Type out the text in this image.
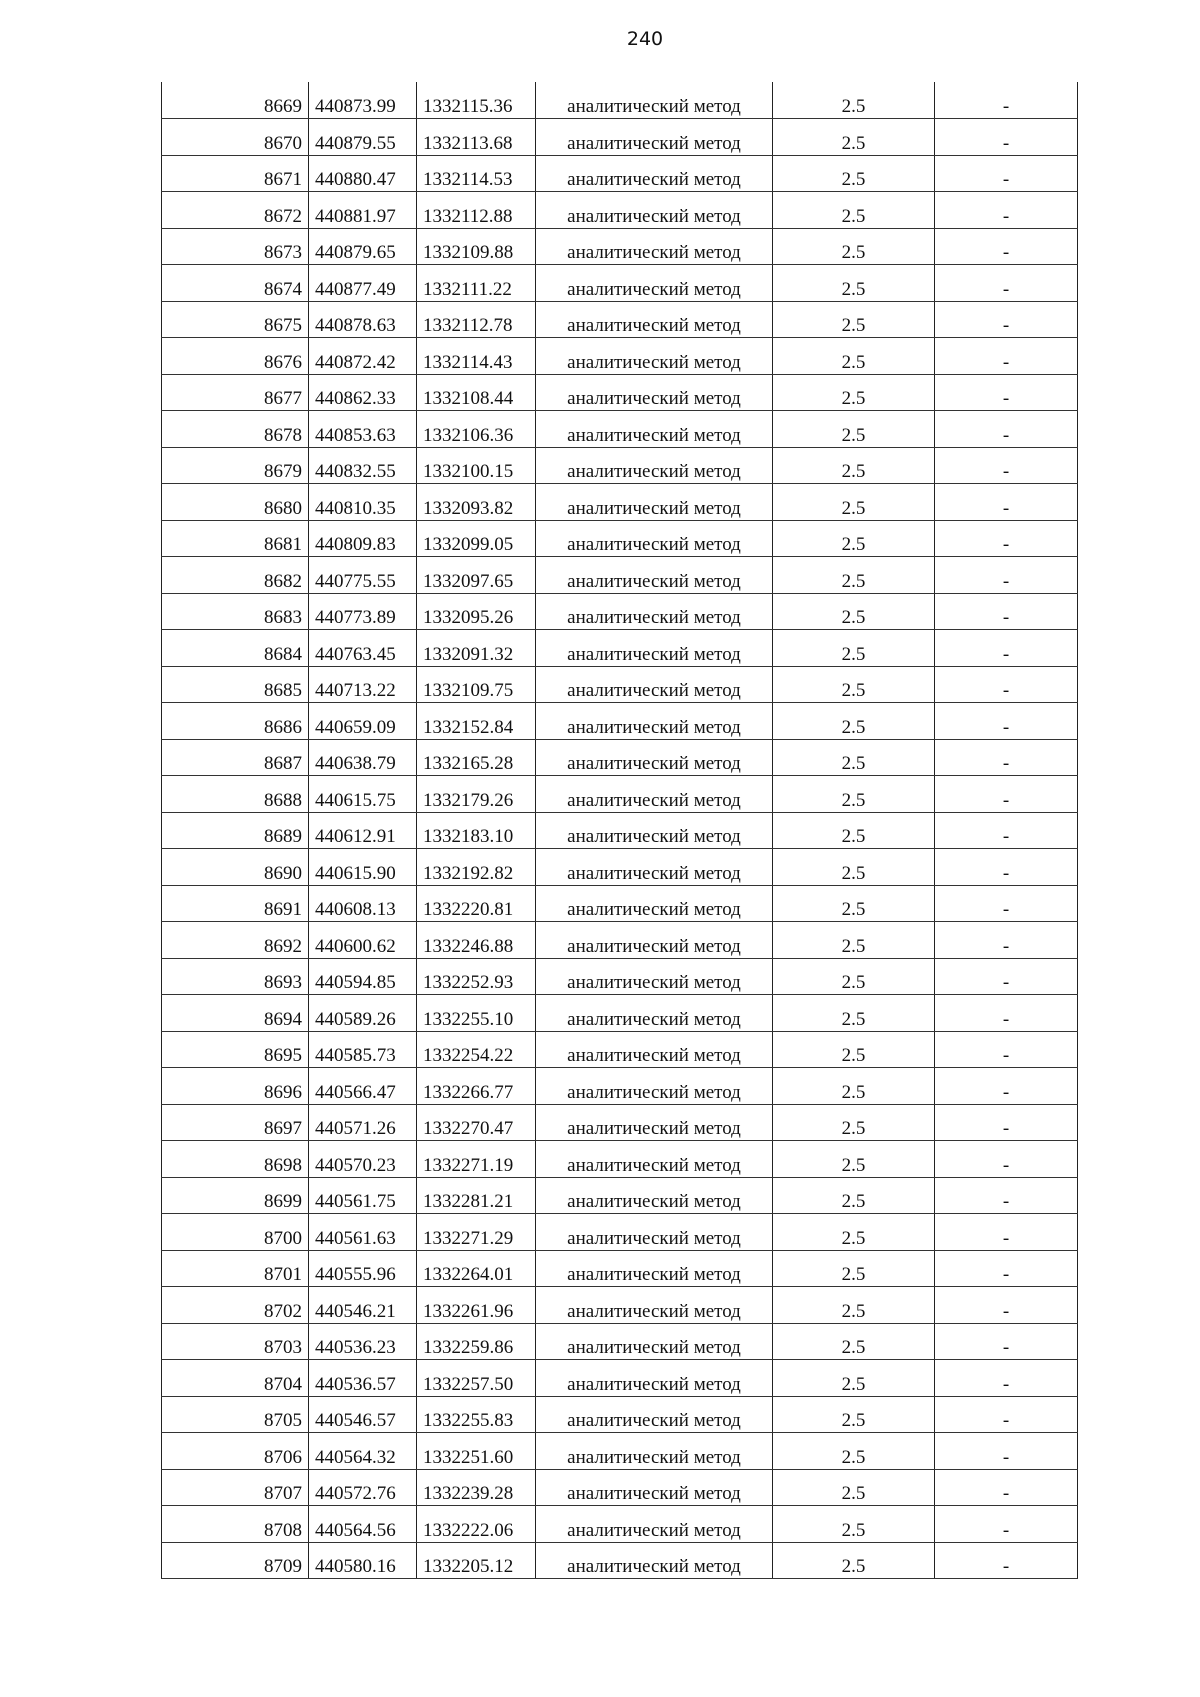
240
8669	440873.99	1332115.36	аналитический метод	2.5	-
8670	440879.55	1332113.68	аналитический метод	2.5	-
8671	440880.47	1332114.53	аналитический метод	2.5	-
8672	440881.97	1332112.88	аналитический метод	2.5	-
8673	440879.65	1332109.88	аналитический метод	2.5	-
8674	440877.49	1332111.22	аналитический метод	2.5	-
8675	440878.63	1332112.78	аналитический метод	2.5	-
8676	440872.42	1332114.43	аналитический метод	2.5	-
8677	440862.33	1332108.44	аналитический метод	2.5	-
8678	440853.63	1332106.36	аналитический метод	2.5	-
8679	440832.55	1332100.15	аналитический метод	2.5	-
8680	440810.35	1332093.82	аналитический метод	2.5	-
8681	440809.83	1332099.05	аналитический метод	2.5	-
8682	440775.55	1332097.65	аналитический метод	2.5	-
8683	440773.89	1332095.26	аналитический метод	2.5	-
8684	440763.45	1332091.32	аналитический метод	2.5	-
8685	440713.22	1332109.75	аналитический метод	2.5	-
8686	440659.09	1332152.84	аналитический метод	2.5	-
8687	440638.79	1332165.28	аналитический метод	2.5	-
8688	440615.75	1332179.26	аналитический метод	2.5	-
8689	440612.91	1332183.10	аналитический метод	2.5	-
8690	440615.90	1332192.82	аналитический метод	2.5	-
8691	440608.13	1332220.81	аналитический метод	2.5	-
8692	440600.62	1332246.88	аналитический метод	2.5	-
8693	440594.85	1332252.93	аналитический метод	2.5	-
8694	440589.26	1332255.10	аналитический метод	2.5	-
8695	440585.73	1332254.22	аналитический метод	2.5	-
8696	440566.47	1332266.77	аналитический метод	2.5	-
8697	440571.26	1332270.47	аналитический метод	2.5	-
8698	440570.23	1332271.19	аналитический метод	2.5	-
8699	440561.75	1332281.21	аналитический метод	2.5	-
8700	440561.63	1332271.29	аналитический метод	2.5	-
8701	440555.96	1332264.01	аналитический метод	2.5	-
8702	440546.21	1332261.96	аналитический метод	2.5	-
8703	440536.23	1332259.86	аналитический метод	2.5	-
8704	440536.57	1332257.50	аналитический метод	2.5	-
8705	440546.57	1332255.83	аналитический метод	2.5	-
8706	440564.32	1332251.60	аналитический метод	2.5	-
8707	440572.76	1332239.28	аналитический метод	2.5	-
8708	440564.56	1332222.06	аналитический метод	2.5	-
8709	440580.16	1332205.12	аналитический метод	2.5	-
